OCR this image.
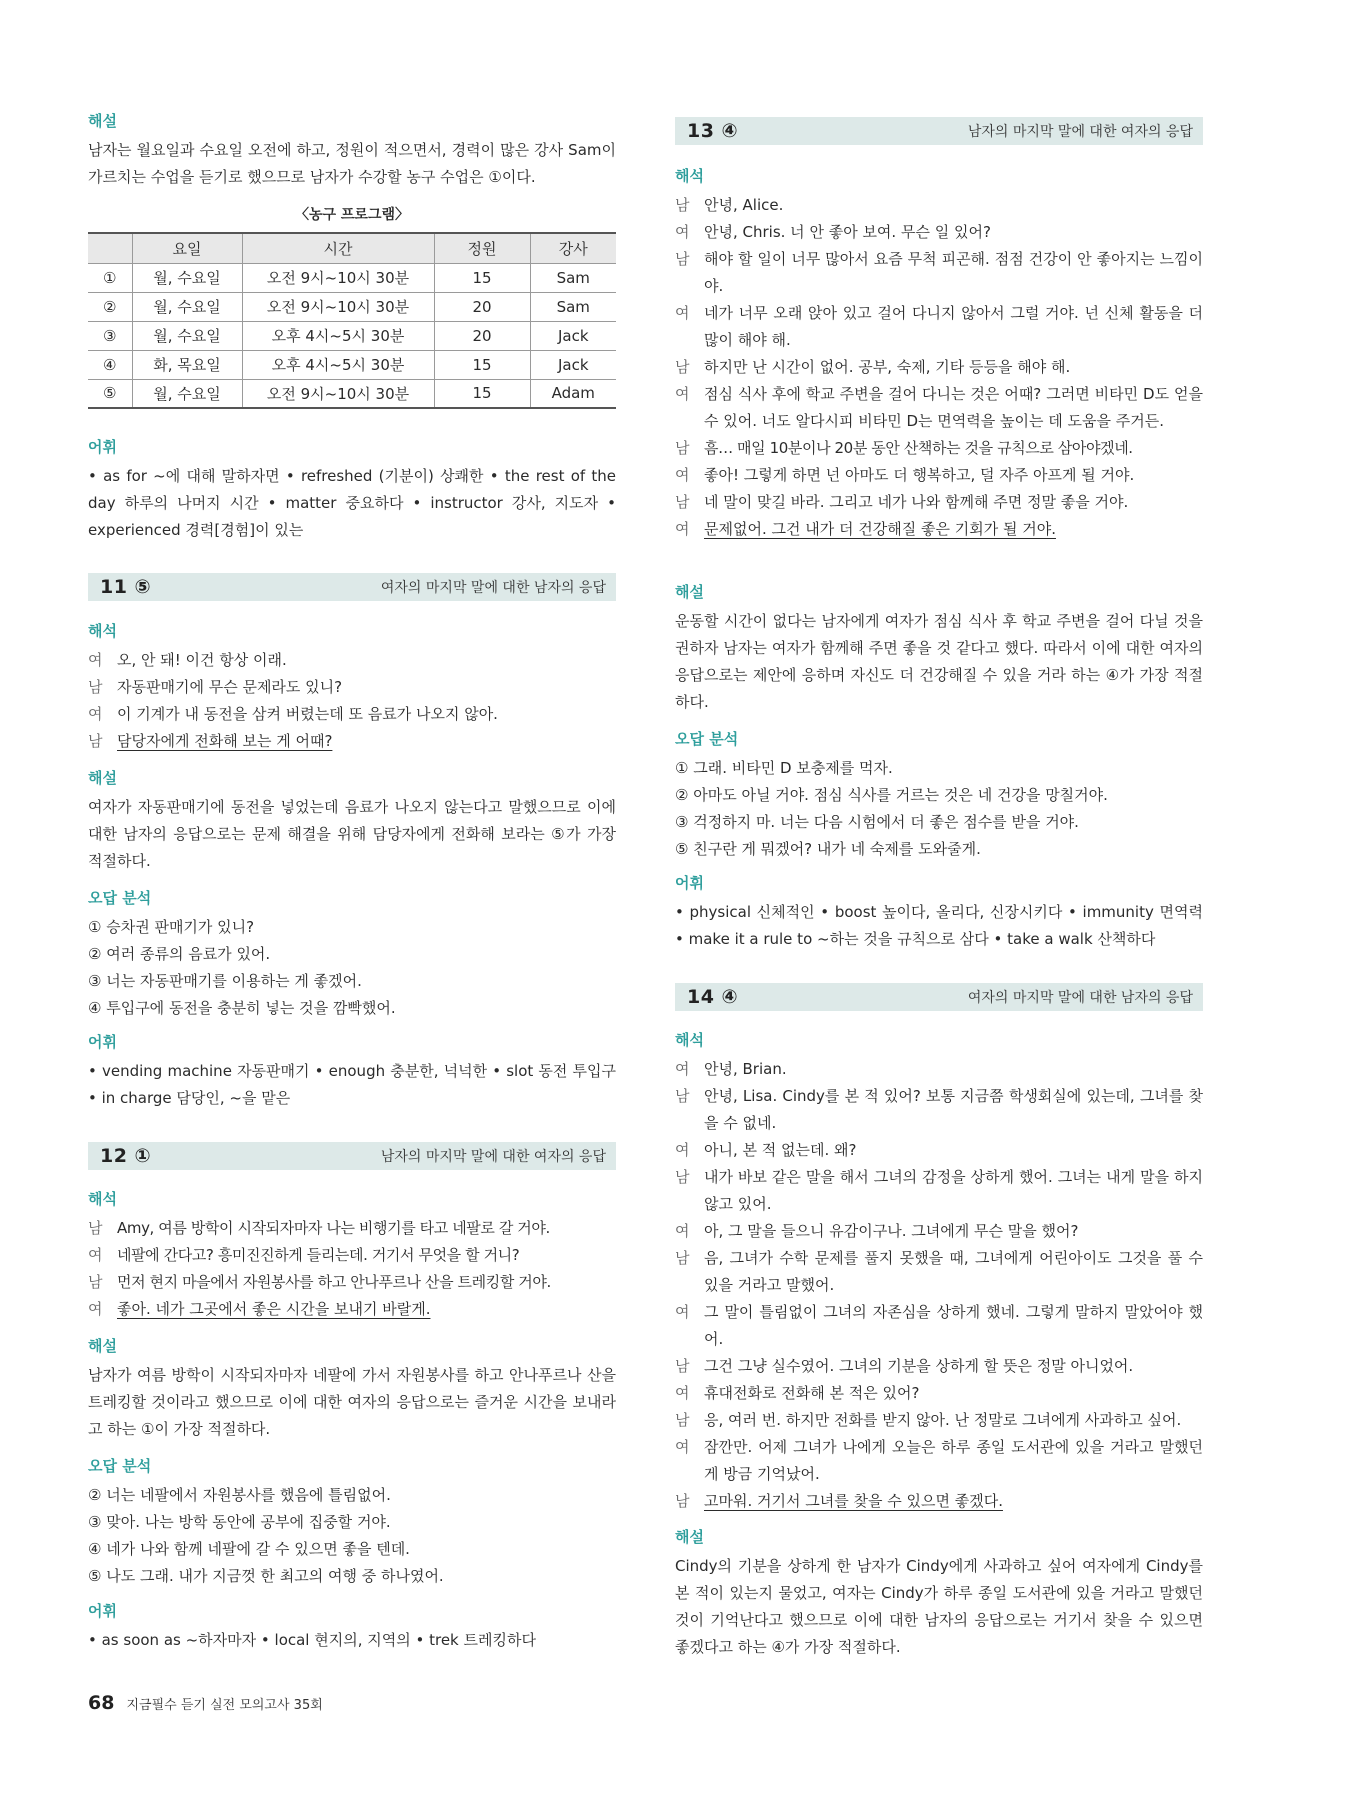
해설
남자는 월요일과 수요일 오전에 하고, 정원이 적으면서, 경력이 많은 강사 Sam이 가르치는 수업을 듣기로 했으므로 남자가 수강할 농구 수업은 ①이다.
〈농구 프로그램〉
	요일	시간	정원	강사
①	월, 수요일	오전 9시~10시 30분	15	Sam
②	월, 수요일	오전 9시~10시 30분	20	Sam
③	월, 수요일	오후 4시~5시 30분	20	Jack
④	화, 목요일	오후 4시~5시 30분	15	Jack
⑤	월, 수요일	오전 9시~10시 30분	15	Adam
어휘
• as for ~에 대해 말하자면 • refreshed (기분이) 상쾌한 • the rest of the day 하루의 나머지 시간 • matter 중요하다 • instructor 강사, 지도자 • experienced 경력[경험]이 있는
11 ⑤	여자의 마지막 말에 대한 남자의 응답
해석
여 오, 안 돼! 이건 항상 이래.
남 자동판매기에 무슨 문제라도 있니?
여 이 기계가 내 동전을 삼켜 버렸는데 또 음료가 나오지 않아.
남 담당자에게 전화해 보는 게 어때?
해설
여자가 자동판매기에 동전을 넣었는데 음료가 나오지 않는다고 말했으므로 이에 대한 남자의 응답으로는 문제 해결을 위해 담당자에게 전화해 보라는 ⑤가 가장 적절하다.
오답 분석
① 승차권 판매기가 있니?
② 여러 종류의 음료가 있어.
③ 너는 자동판매기를 이용하는 게 좋겠어.
④ 투입구에 동전을 충분히 넣는 것을 깜빡했어.
어휘
• vending machine 자동판매기 • enough 충분한, 넉넉한 • slot 동전 투입구 • in charge 담당인, ~을 맡은
12 ①	남자의 마지막 말에 대한 여자의 응답
해석
남 Amy, 여름 방학이 시작되자마자 나는 비행기를 타고 네팔로 갈 거야.
여 네팔에 간다고? 흥미진진하게 들리는데. 거기서 무엇을 할 거니?
남 먼저 현지 마을에서 자원봉사를 하고 안나푸르나 산을 트레킹할 거야.
여 좋아. 네가 그곳에서 좋은 시간을 보내기 바랄게.
해설
남자가 여름 방학이 시작되자마자 네팔에 가서 자원봉사를 하고 안나푸르나 산을 트레킹할 것이라고 했으므로 이에 대한 여자의 응답으로는 즐거운 시간을 보내라고 하는 ①이 가장 적절하다.
오답 분석
② 너는 네팔에서 자원봉사를 했음에 틀림없어.
③ 맞아. 나는 방학 동안에 공부에 집중할 거야.
④ 네가 나와 함께 네팔에 갈 수 있으면 좋을 텐데.
⑤ 나도 그래. 내가 지금껏 한 최고의 여행 중 하나였어.
어휘
• as soon as ~하자마자 • local 현지의, 지역의 • trek 트레킹하다
13 ④	남자의 마지막 말에 대한 여자의 응답
해석
남 안녕, Alice.
여 안녕, Chris. 너 안 좋아 보여. 무슨 일 있어?
남 해야 할 일이 너무 많아서 요즘 무척 피곤해. 점점 건강이 안 좋아지는 느낌이야.
여 네가 너무 오래 앉아 있고 걸어 다니지 않아서 그럴 거야. 넌 신체 활동을 더 많이 해야 해.
남 하지만 난 시간이 없어. 공부, 숙제, 기타 등등을 해야 해.
여 점심 식사 후에 학교 주변을 걸어 다니는 것은 어때? 그러면 비타민 D도 얻을 수 있어. 너도 알다시피 비타민 D는 면역력을 높이는 데 도움을 주거든.
남 흠… 매일 10분이나 20분 동안 산책하는 것을 규칙으로 삼아야겠네.
여 좋아! 그렇게 하면 넌 아마도 더 행복하고, 덜 자주 아프게 될 거야.
남 네 말이 맞길 바라. 그리고 네가 나와 함께해 주면 정말 좋을 거야.
여 문제없어. 그건 내가 더 건강해질 좋은 기회가 될 거야.
해설
운동할 시간이 없다는 남자에게 여자가 점심 식사 후 학교 주변을 걸어 다닐 것을 권하자 남자는 여자가 함께해 주면 좋을 것 같다고 했다. 따라서 이에 대한 여자의 응답으로는 제안에 응하며 자신도 더 건강해질 수 있을 거라 하는 ④가 가장 적절하다.
오답 분석
① 그래. 비타민 D 보충제를 먹자.
② 아마도 아닐 거야. 점심 식사를 거르는 것은 네 건강을 망칠거야.
③ 걱정하지 마. 너는 다음 시험에서 더 좋은 점수를 받을 거야.
⑤ 친구란 게 뭐겠어? 내가 네 숙제를 도와줄게.
어휘
• physical 신체적인 • boost 높이다, 올리다, 신장시키다 • immunity 면역력 • make it a rule to ~하는 것을 규칙으로 삼다 • take a walk 산책하다
14 ④	여자의 마지막 말에 대한 남자의 응답
해석
여 안녕, Brian.
남 안녕, Lisa. Cindy를 본 적 있어? 보통 지금쯤 학생회실에 있는데, 그녀를 찾을 수 없네.
여 아니, 본 적 없는데. 왜?
남 내가 바보 같은 말을 해서 그녀의 감정을 상하게 했어. 그녀는 내게 말을 하지 않고 있어.
여 아, 그 말을 들으니 유감이구나. 그녀에게 무슨 말을 했어?
남 음, 그녀가 수학 문제를 풀지 못했을 때, 그녀에게 어린아이도 그것을 풀 수 있을 거라고 말했어.
여 그 말이 틀림없이 그녀의 자존심을 상하게 했네. 그렇게 말하지 말았어야 했어.
남 그건 그냥 실수였어. 그녀의 기분을 상하게 할 뜻은 정말 아니었어.
여 휴대전화로 전화해 본 적은 있어?
남 응, 여러 번. 하지만 전화를 받지 않아. 난 정말로 그녀에게 사과하고 싶어.
여 잠깐만. 어제 그녀가 나에게 오늘은 하루 종일 도서관에 있을 거라고 말했던 게 방금 기억났어.
남 고마워. 거기서 그녀를 찾을 수 있으면 좋겠다.
해설
Cindy의 기분을 상하게 한 남자가 Cindy에게 사과하고 싶어 여자에게 Cindy를 본 적이 있는지 물었고, 여자는 Cindy가 하루 종일 도서관에 있을 거라고 말했던 것이 기억난다고 했으므로 이에 대한 남자의 응답으로는 거기서 찾을 수 있으면 좋겠다고 하는 ④가 가장 적절하다.
68 지금필수 듣기 실전 모의고사 35회
